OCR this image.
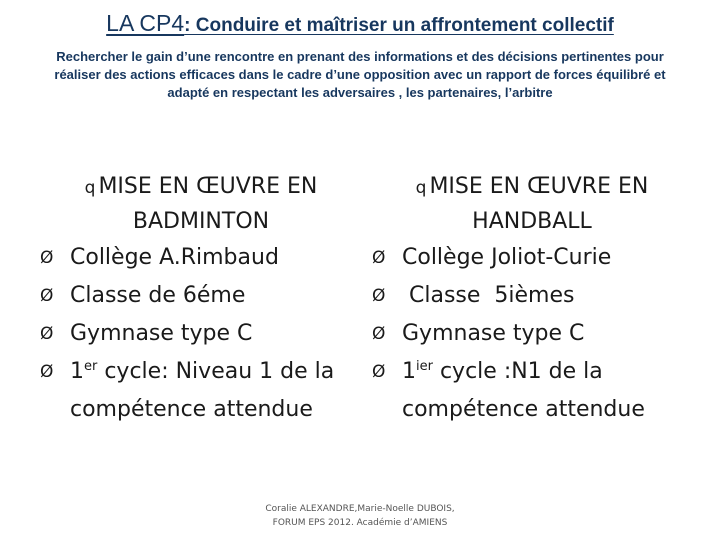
LA CP4: Conduire et maîtriser un affrontement collectif
Rechercher le gain d’une rencontre en prenant des informations et des décisions pertinentes pour réaliser des actions efficaces dans le cadre d’une opposition avec un rapport de forces équilibré et adapté en respectant les adversaires , les partenaires, l’arbitre
q MISE EN ŒUVRE EN
BADMINTON
Ø Collège A.Rimbaud
Ø Classe de 6éme
Ø Gymnase type C
Ø 1er cycle: Niveau 1 de la compétence attendue
q MISE EN ŒUVRE EN
HANDBALL
Ø Collège Joliot-Curie
Ø Classe  5ièmes
Ø Gymnase type C
Ø $1^{ier}$ cycle :N1 de la compétence attendue
Coralie ALEXANDRE,Marie-Noelle DUBOIS,
FORUM EPS 2012. Académie d’AMIENS
